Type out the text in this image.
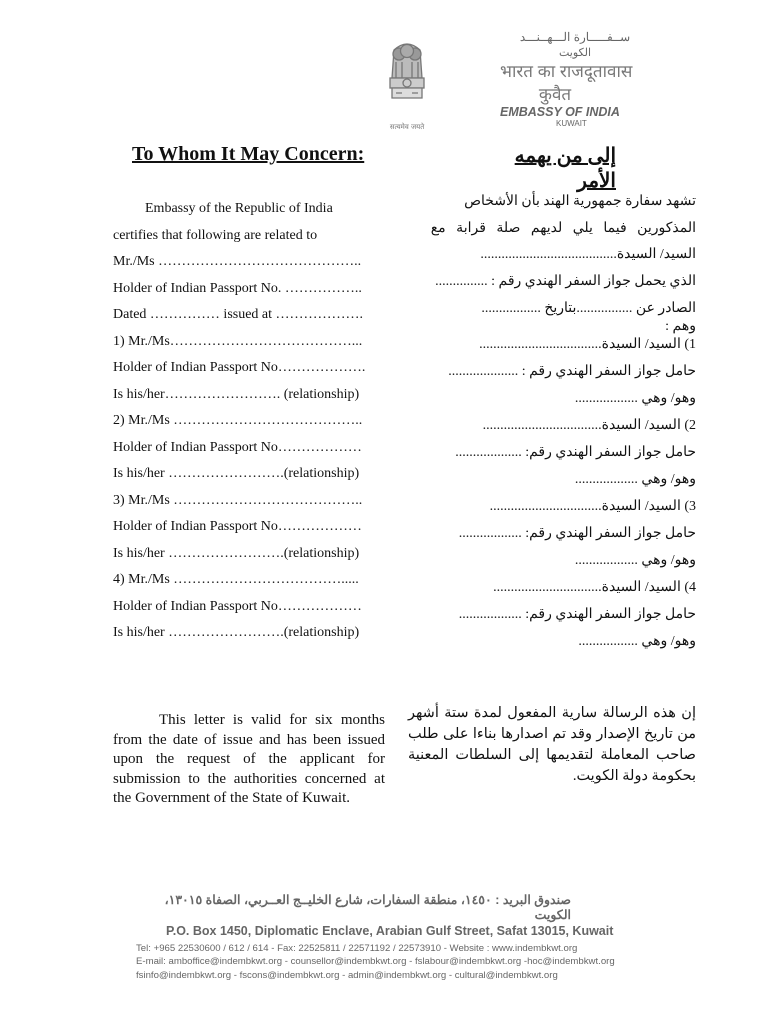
सत्यमेव जयते
ســفـــــارة الـــهــنـــد
الكويت
भारत का राजदूतावास
कुवैत
EMBASSY OF INDIA
KUWAIT
To Whom It May Concern:	إلى من يهمه الأمر
Embassy of the Republic of India
certifies that following are related to
Mr./Ms ……………………………………..
Holder of Indian Passport No. ……………..
Dated …………… issued at ……………….
1) Mr./Ms…………………………………...
Holder of Indian Passport No……………….
Is his/her……………………. (relationship)
2) Mr./Ms …………………………………..
Holder of Indian Passport No………………
Is his/her …………………….(relationship)
3) Mr./Ms …………………………………..
Holder of Indian Passport No………………
Is his/her …………………….(relationship)
4) Mr./Ms ……………………………….....
Holder of Indian Passport No………………
Is his/her …………………….(relationship)
تشهد سفارة جمهورية الهند بأن الأشخاص
المذكورين فيما يلي لديهم صلة قرابة مع
السيد/ السيدة.......................................
الذي يحمل جواز السفر الهندي رقم : ...............
الصادر عن ................بتاريخ .................
وهم :
1) السيد/ السيدة...................................
حامل جواز السفر الهندي رقم : ....................
وهو/ وهي ..................
2) السيد/ السيدة..................................
حامل جواز السفر الهندي رقم: ...................
وهو/ وهي ..................
3) السيد/ السيدة................................
حامل جواز السفر الهندي رقم: ..................
وهو/ وهي ..................
4) السيد/ السيدة...............................
حامل جواز السفر الهندي رقم: ..................
وهو/ وهي .................
This letter is valid for six months from the date of issue and has been issued upon the request of the applicant for submission to the authorities concerned at the Government of the State of Kuwait.
إن هذه الرسالة سارية المفعول لمدة ستة أشهر من تاريخ الإصدار وقد تم اصدارها بناءا على طلب صاحب المعاملة لتقديمها إلى السلطات المعنية بحكومة دولة الكويت.
صندوق البريد : ١٤٥٠، منطقة السفارات، شارع الخليــج العــربي، الصفاة ١٣٠١٥، الكويت
P.O. Box 1450, Diplomatic Enclave, Arabian Gulf Street, Safat 13015, Kuwait
Tel: +965 22530600 / 612 / 614 - Fax: 22525811 / 22571192 / 22573910 - Website : www.indembkwt.org
E-mail: amboffice@indembkwt.org - counsellor@indembkwt.org - fslabour@indembkwt.org -hoc@indembkwt.org
fsinfo@indembkwt.org - fscons@indembkwt.org - admin@indembkwt.org - cultural@indembkwt.org
